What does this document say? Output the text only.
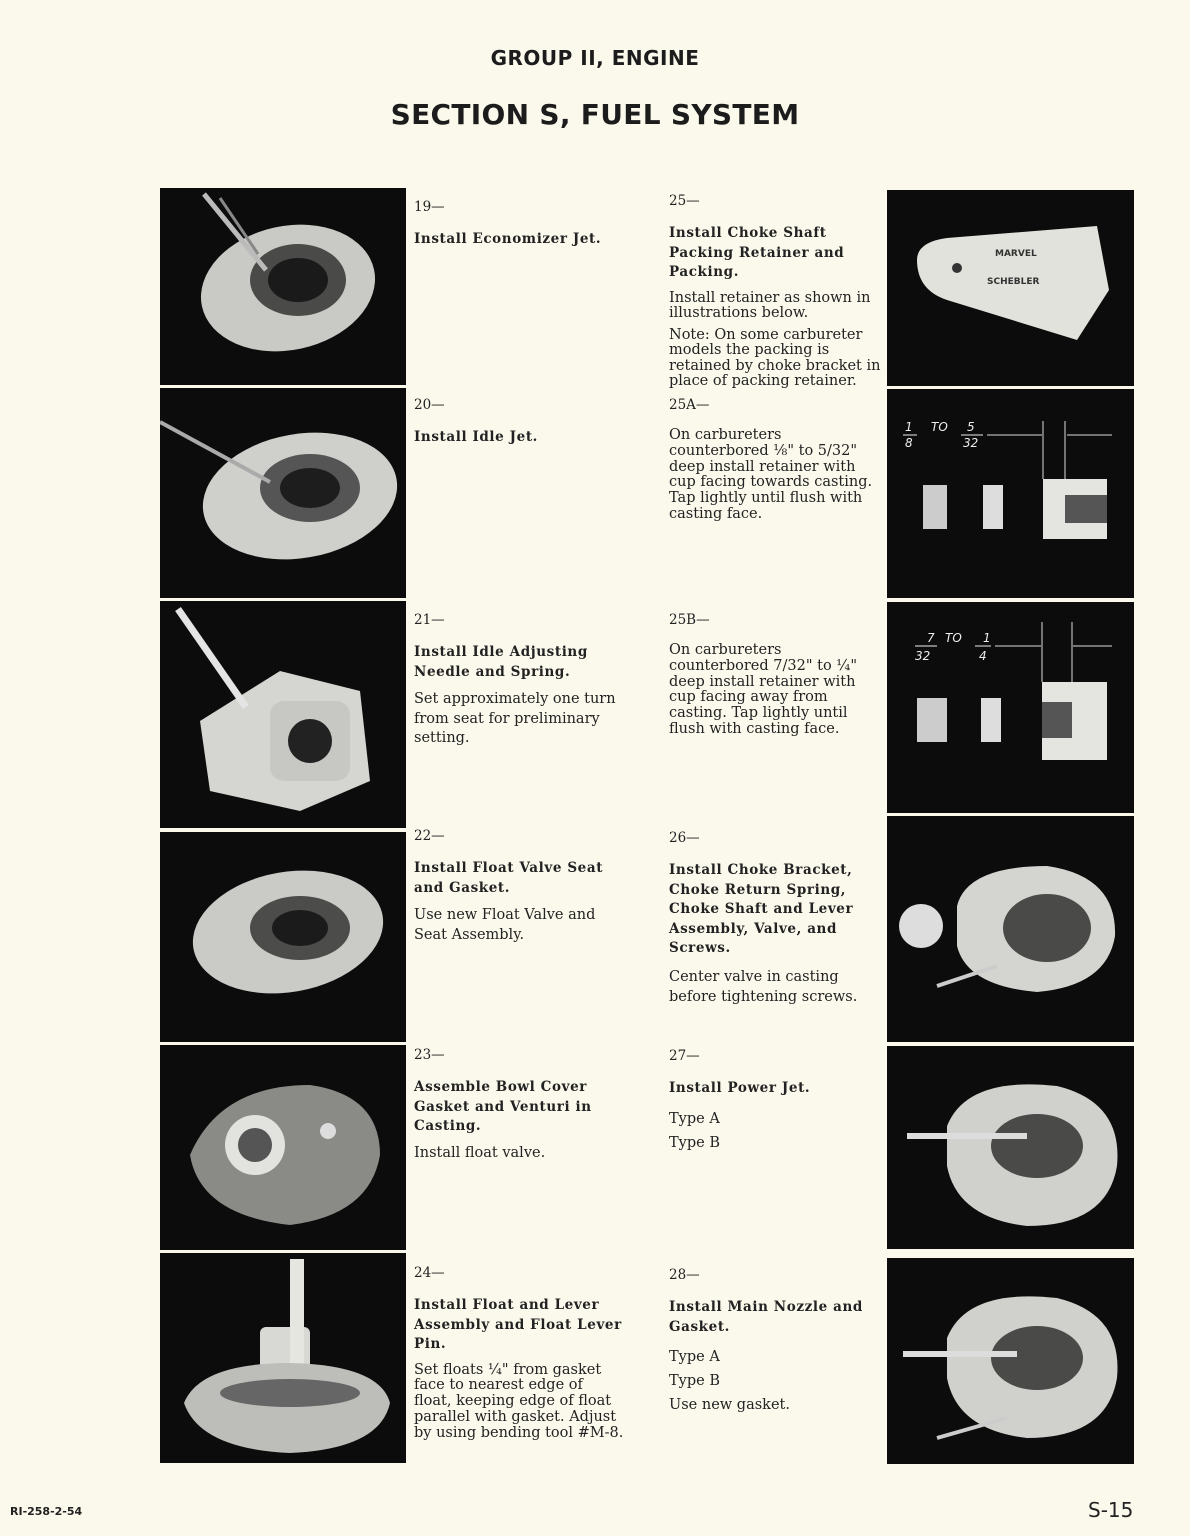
GROUP II, ENGINE
SECTION S, FUEL SYSTEM
MARVEL
SCHEBLER
1
8
TO 5
32
7
32
TO 1
4
19—
Install Economizer Jet.
20—
Install Idle Jet.
21—
Install Idle Adjusting Needle and Spring.
Set approximately one turn from seat for preliminary setting.
22—
Install Float Valve Seat and Gasket.
Use new Float Valve and Seat Assembly.
23—
Assemble Bowl Cover Gasket and Venturi in Casting.
Install float valve.
24—
Install Float and Lever Assembly and Float Lever Pin.
Set floats ¼" from gasket face to nearest edge of float, keeping edge of float parallel with gasket. Adjust by using bending tool #M-8.
25—
Install Choke Shaft Packing Retainer and Packing.
Install retainer as shown in illustrations below.
Note: On some carbureter models the packing is retained by choke bracket in place of packing retainer.
25A—
On carbureters counterbored ⅛" to 5/32" deep install retainer with cup facing towards casting. Tap lightly until flush with casting face.
25B—
On carbureters counterbored 7/32" to ¼" deep install retainer with cup facing away from casting. Tap lightly until flush with casting face.
26—
Install Choke Bracket, Choke Return Spring, Choke Shaft and Lever Assembly, Valve, and Screws.
Center valve in casting before tightening screws.
27—
Install Power Jet.
Type A
Type B
28—
Install Main Nozzle and Gasket.
Type A
Type B
Use new gasket.
RI-258-2-54	S-15
